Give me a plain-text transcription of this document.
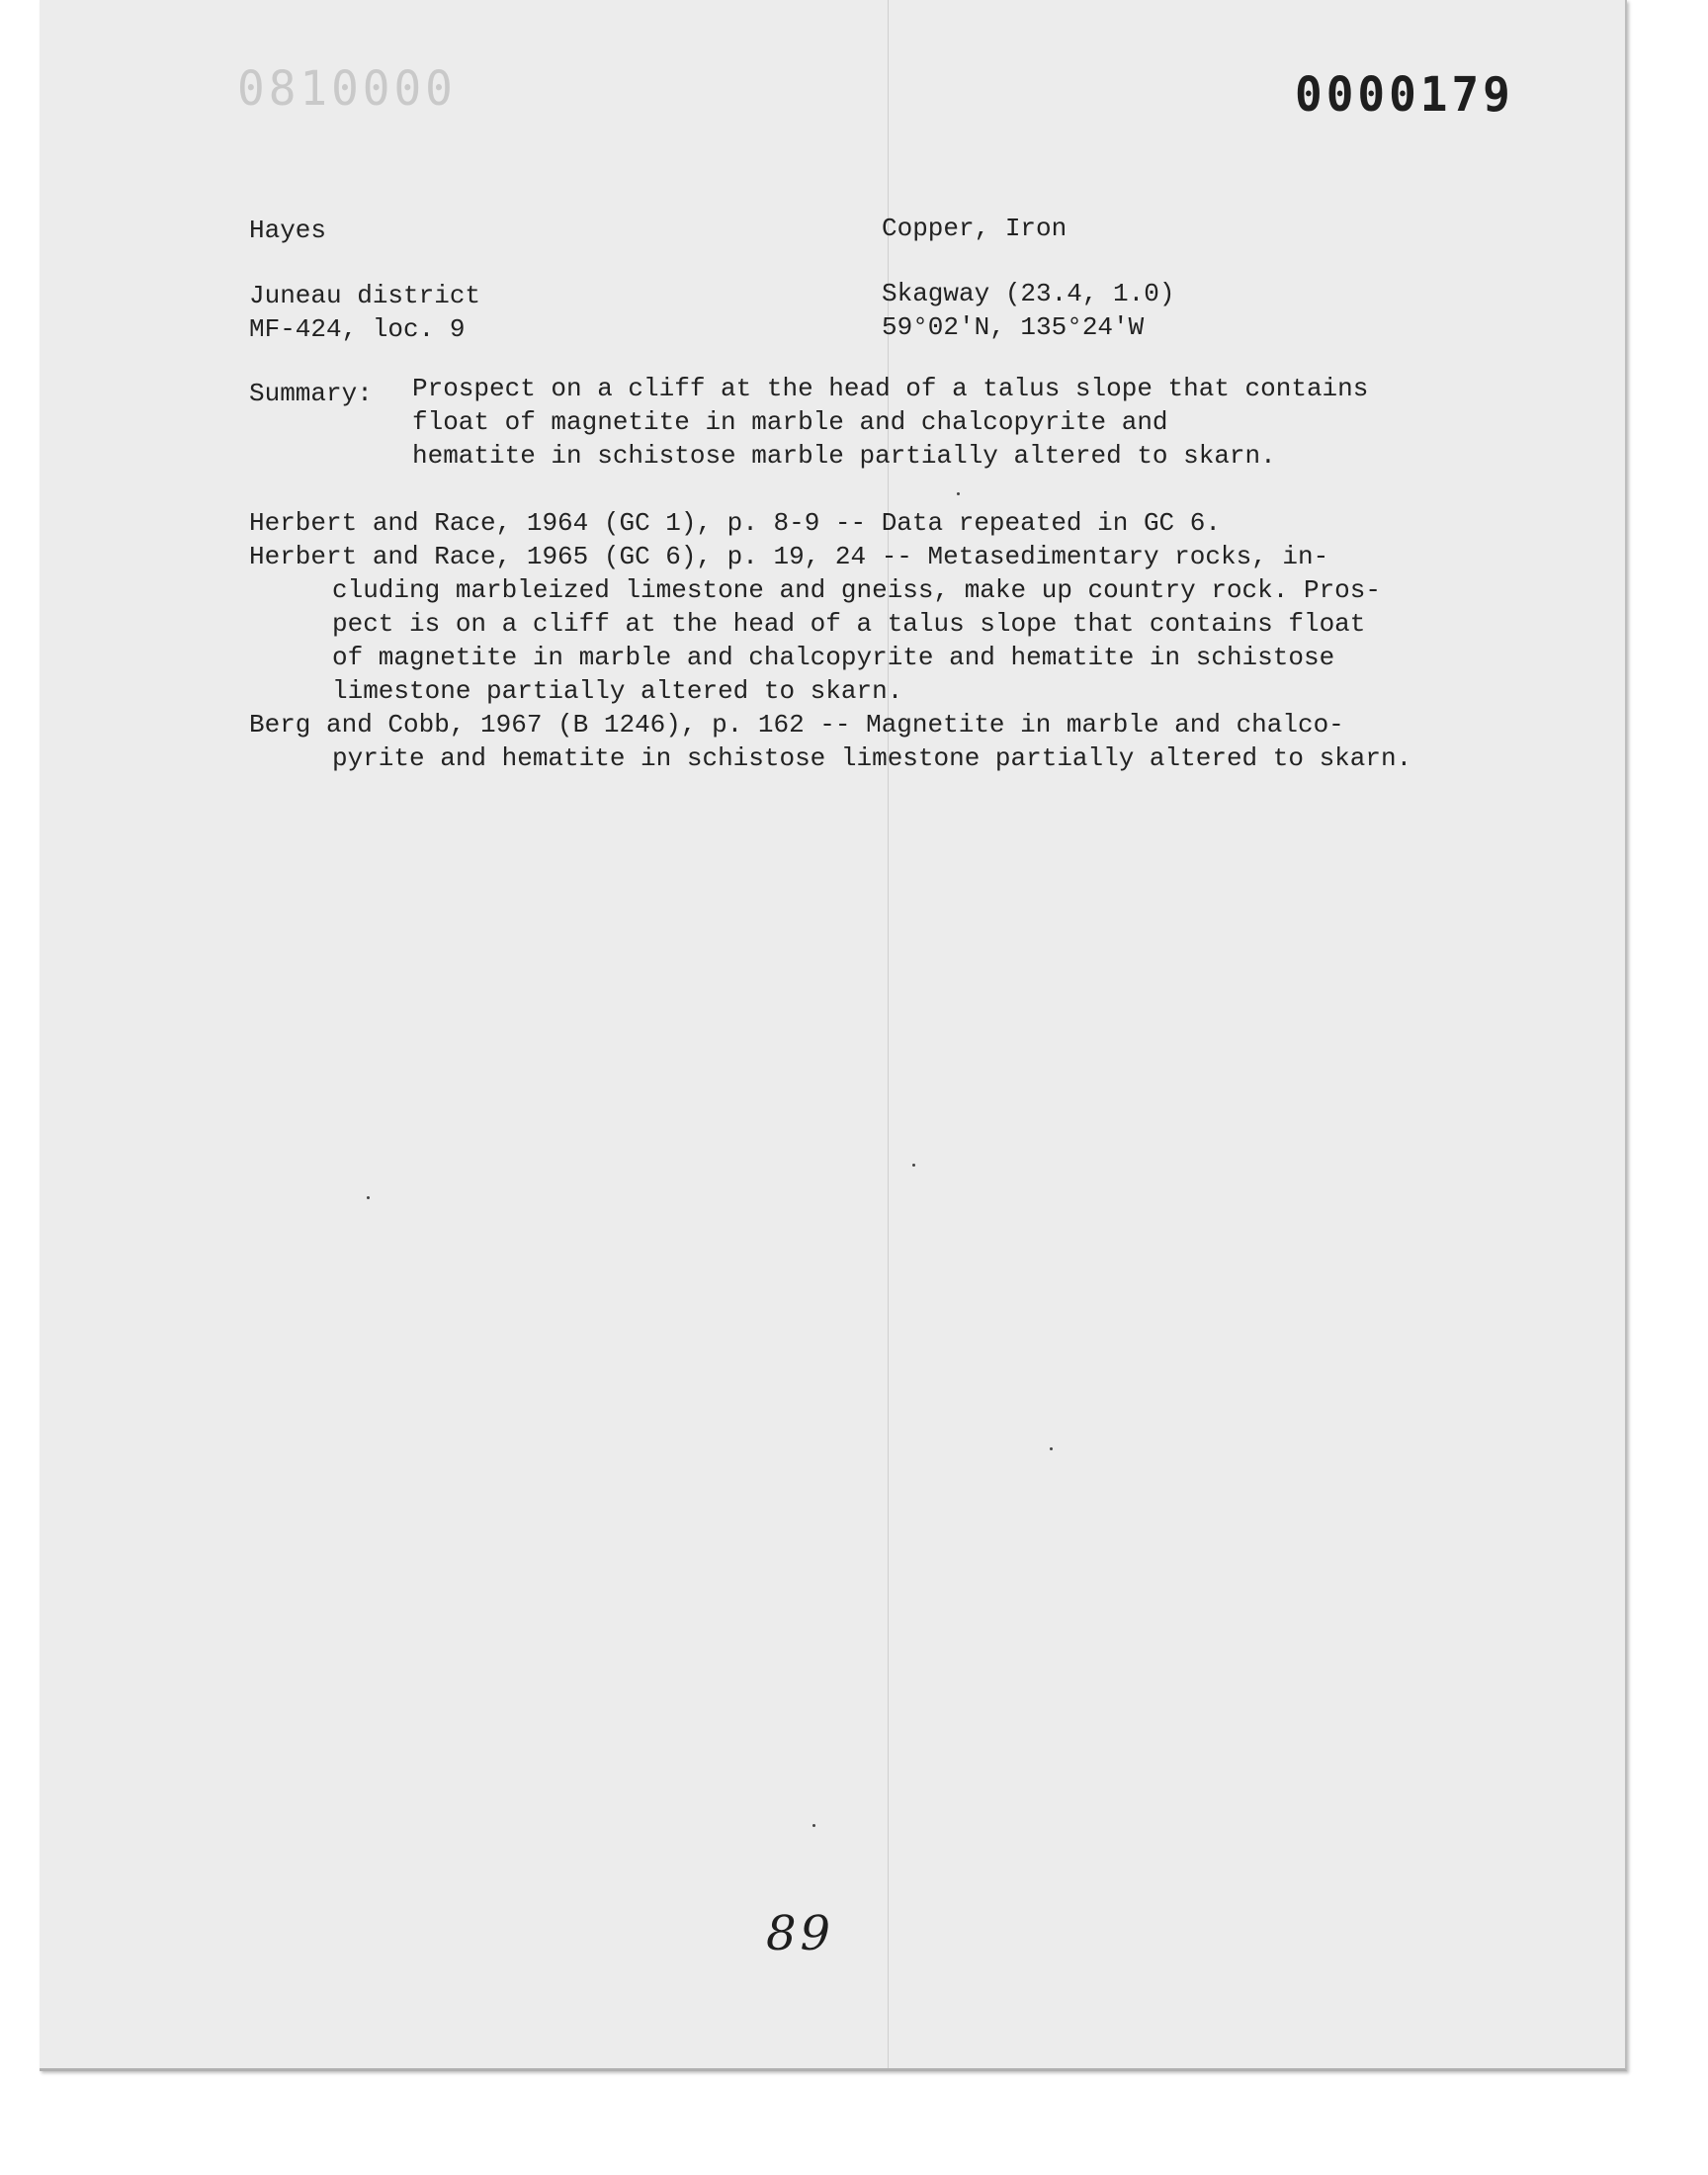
0810000	0000179
Hayes	Copper, Iron
Juneau district	Skagway (23.4, 1.0)
MF-424, loc. 9	59°02'N, 135°24'W
Summary: Prospect on a cliff at the head of a talus slope that contains
float of magnetite in marble and chalcopyrite and
hematite in schistose marble partially altered to skarn.
Herbert and Race, 1964 (GC 1), p. 8-9 -- Data repeated in GC 6.
Herbert and Race, 1965 (GC 6), p. 19, 24 -- Metasedimentary rocks, in-
cluding marbleized limestone and gneiss, make up country rock. Pros-
pect is on a cliff at the head of a talus slope that contains float
of magnetite in marble and chalcopyrite and hematite in schistose
limestone partially altered to skarn.
Berg and Cobb, 1967 (B 1246), p. 162 -- Magnetite in marble and chalco-
pyrite and hematite in schistose limestone partially altered to skarn.
89
